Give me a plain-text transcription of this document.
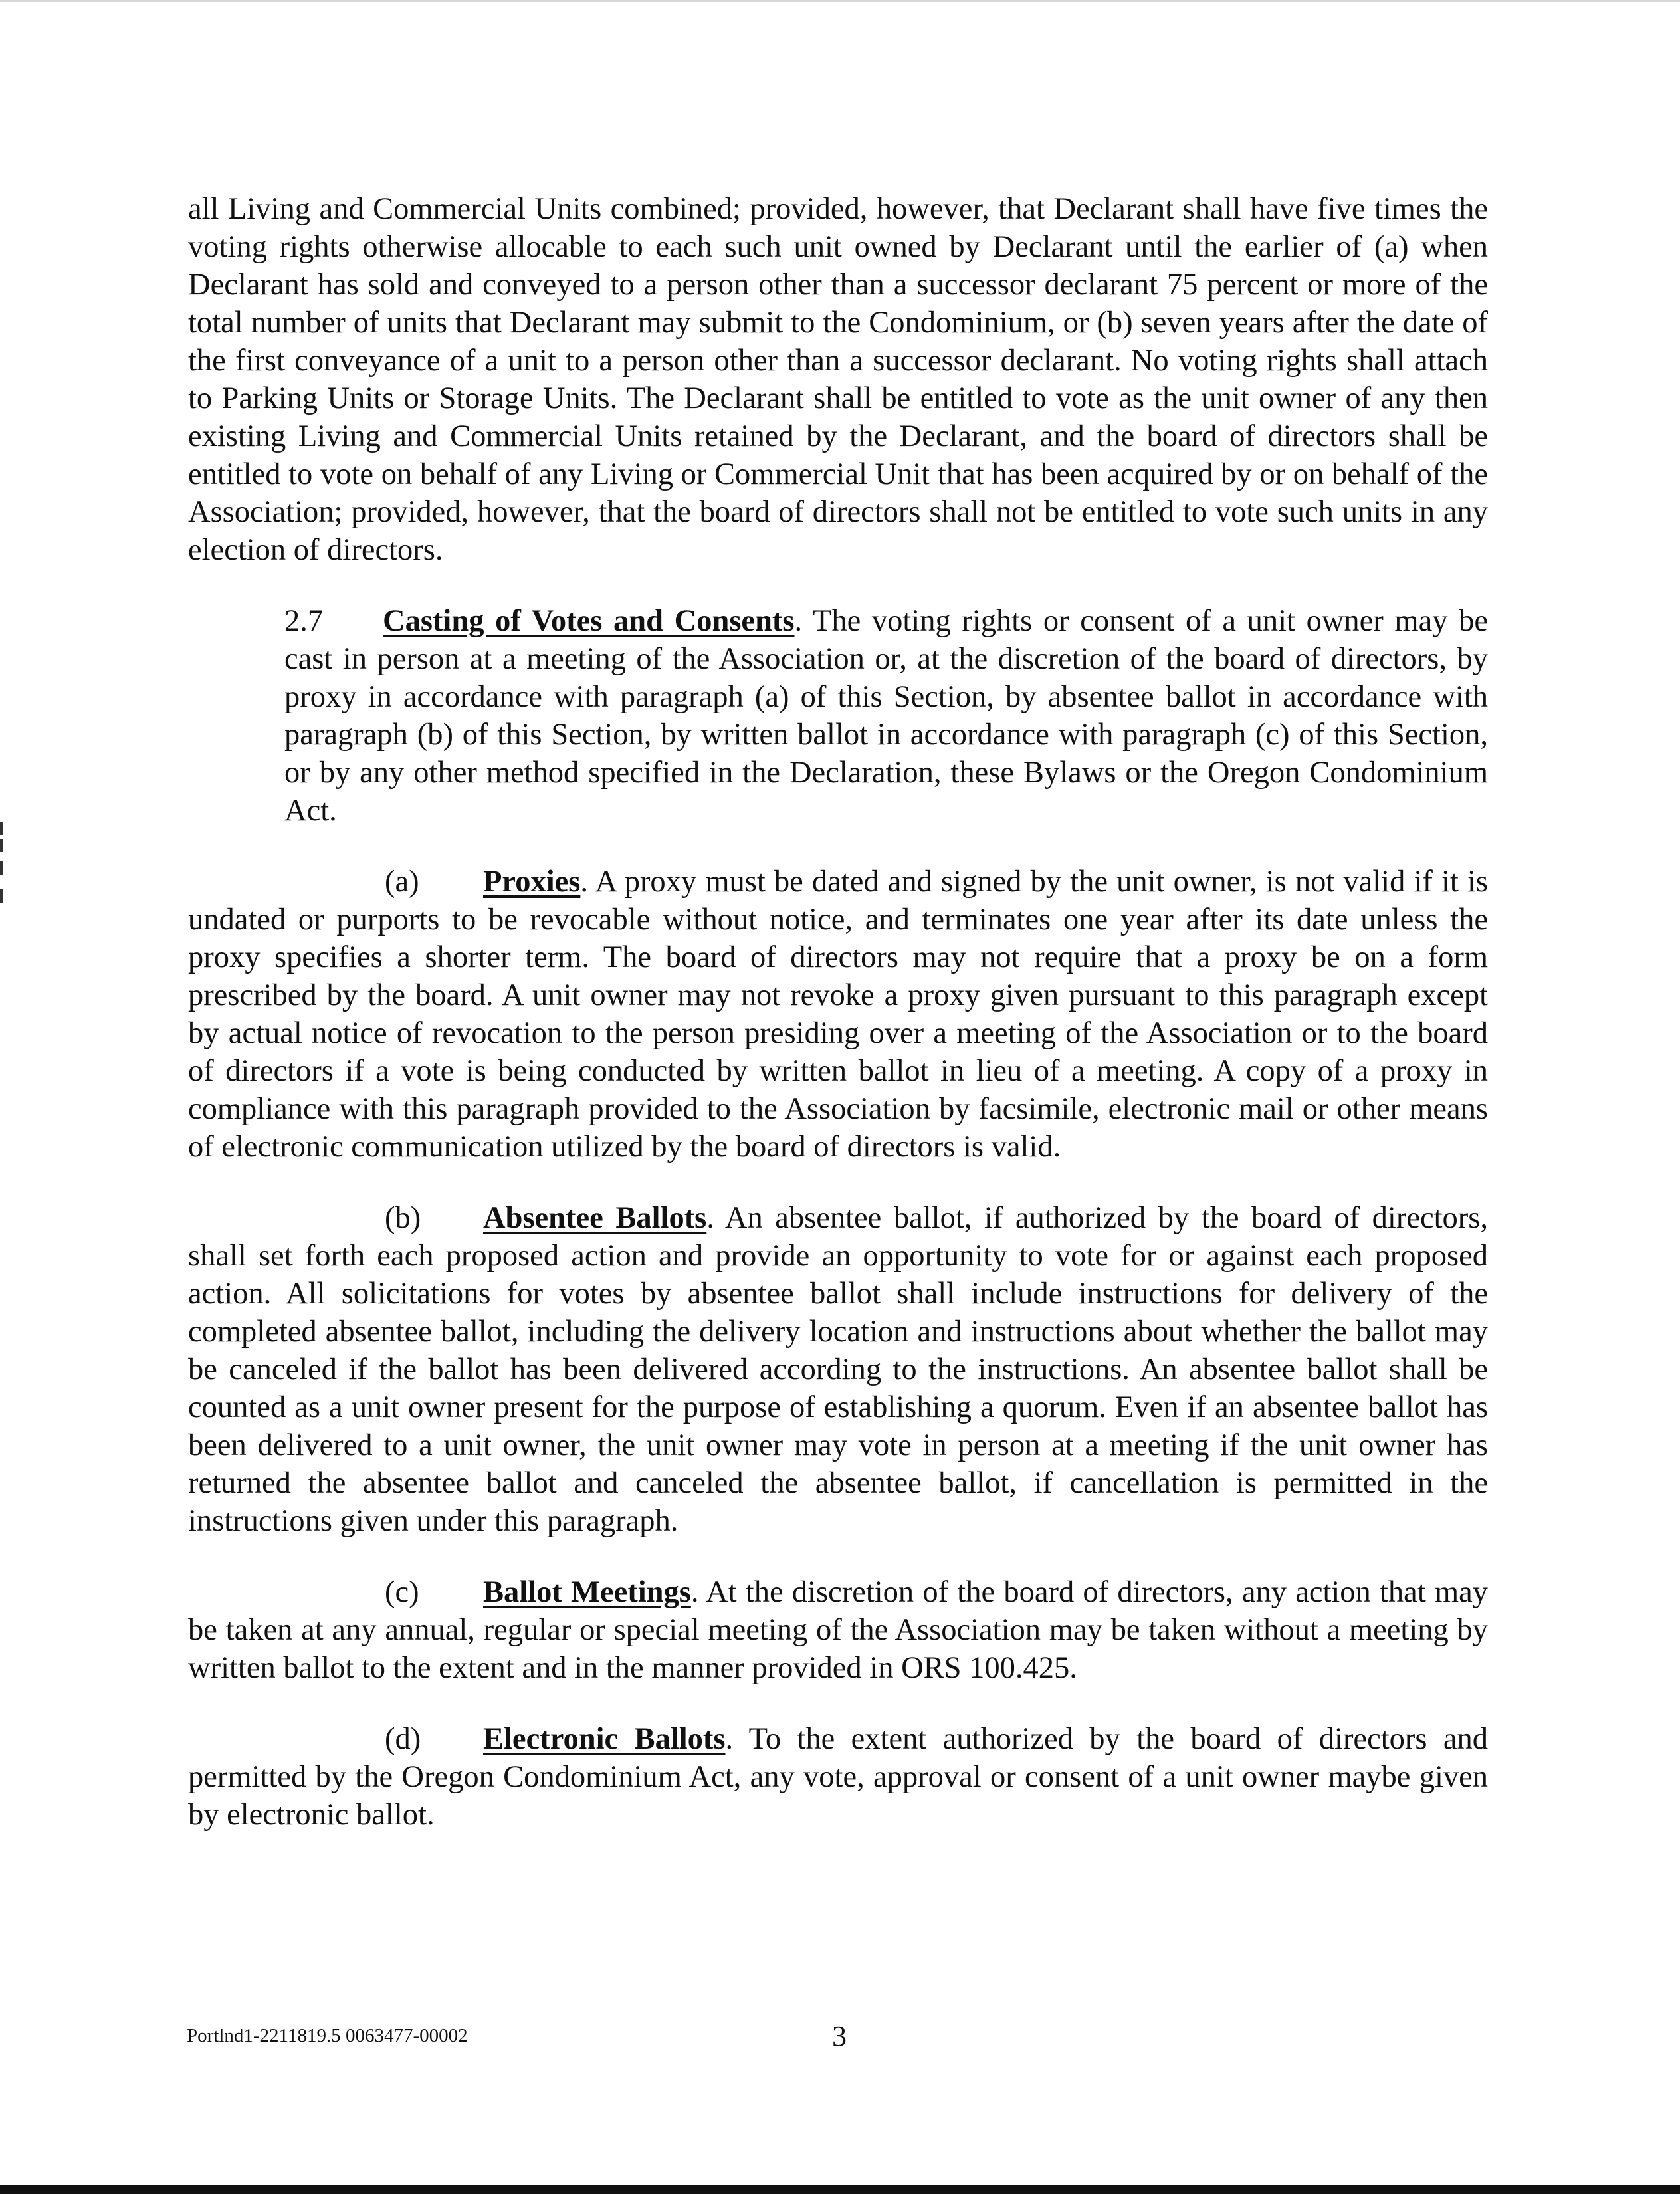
all Living and Commercial Units combined; provided, however, that Declarant shall have five times the voting rights otherwise allocable to each such unit owned by Declarant until the earlier of (a) when Declarant has sold and conveyed to a person other than a successor declarant 75 percent or more of the total number of units that Declarant may submit to the Condominium, or (b) seven years after the date of the first conveyance of a unit to a person other than a successor declarant. No voting rights shall attach to Parking Units or Storage Units. The Declarant shall be entitled to vote as the unit owner of any then existing Living and Commercial Units retained by the Declarant, and the board of directors shall be entitled to vote on behalf of any Living or Commercial Unit that has been acquired by or on behalf of the Association; provided, however, that the board of directors shall not be entitled to vote such units in any election of directors.

2.7 Casting of Votes and Consents. The voting rights or consent of a unit owner may be cast in person at a meeting of the Association or, at the discretion of the board of directors, by proxy in accordance with paragraph (a) of this Section, by absentee ballot in accordance with paragraph (b) of this Section, by written ballot in accordance with paragraph (c) of this Section, or by any other method specified in the Declaration, these Bylaws or the Oregon Condominium Act.

(a) Proxies. A proxy must be dated and signed by the unit owner, is not valid if it is undated or purports to be revocable without notice, and terminates one year after its date unless the proxy specifies a shorter term. The board of directors may not require that a proxy be on a form prescribed by the board. A unit owner may not revoke a proxy given pursuant to this paragraph except by actual notice of revocation to the person presiding over a meeting of the Association or to the board of directors if a vote is being conducted by written ballot in lieu of a meeting. A copy of a proxy in compliance with this paragraph provided to the Association by facsimile, electronic mail or other means of electronic communication utilized by the board of directors is valid.

(b) Absentee Ballots. An absentee ballot, if authorized by the board of directors, shall set forth each proposed action and provide an opportunity to vote for or against each proposed action. All solicitations for votes by absentee ballot shall include instructions for delivery of the completed absentee ballot, including the delivery location and instructions about whether the ballot may be canceled if the ballot has been delivered according to the instructions. An absentee ballot shall be counted as a unit owner present for the purpose of establishing a quorum. Even if an absentee ballot has been delivered to a unit owner, the unit owner may vote in person at a meeting if the unit owner has returned the absentee ballot and canceled the absentee ballot, if cancellation is permitted in the instructions given under this paragraph.

(c) Ballot Meetings. At the discretion of the board of directors, any action that may be taken at any annual, regular or special meeting of the Association may be taken without a meeting by written ballot to the extent and in the manner provided in ORS 100.425.

(d) Electronic Ballots. To the extent authorized by the board of directors and permitted by the Oregon Condominium Act, any vote, approval or consent of a unit owner maybe given by electronic ballot.

Portlnd1-2211819.5 0063477-00002	3
